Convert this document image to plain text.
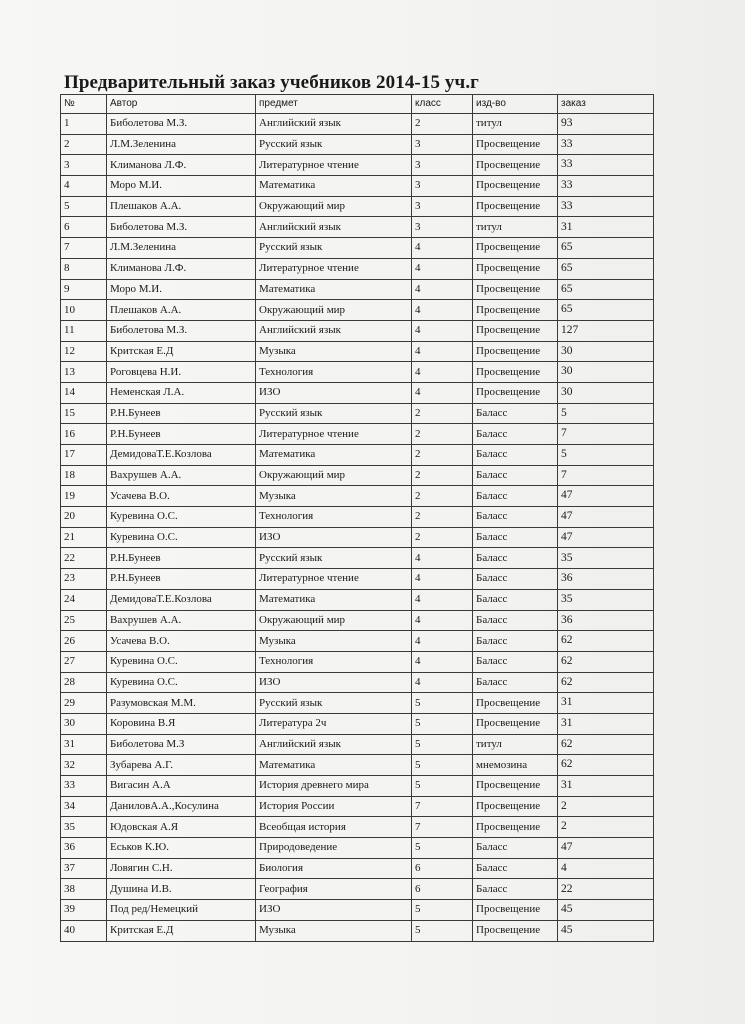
Предварительный заказ учебников 2014-15 уч.г
№	Автор	предмет	класс	изд-во	заказ
1	Биболетова М.З.	Английский язык	2	титул	93
2	Л.М.Зеленина	Русский язык	3	Просвещение	33
3	Климанова Л.Ф.	Литературное чтение	3	Просвещение	33
4	Моро М.И.	Математика	3	Просвещение	33
5	Плешаков А.А.	Окружающий мир	3	Просвещение	33
6	Биболетова М.З.	Английский язык	3	титул	31
7	Л.М.Зеленина	Русский язык	4	Просвещение	65
8	Климанова Л.Ф.	Литературное чтение	4	Просвещение	65
9	Моро М.И.	Математика	4	Просвещение	65
10	Плешаков А.А.	Окружающий мир	4	Просвещение	65
11	Биболетова М.З.	Английский язык	4	Просвещение	127
12	Критская Е.Д	Музыка	4	Просвещение	30
13	Роговцева Н.И.	Технология	4	Просвещение	30
14	Неменская Л.А.	ИЗО	4	Просвещение	30
15	Р.Н.Бунеев	Русский язык	2	Баласс	5
16	Р.Н.Бунеев	Литературное чтение	2	Баласс	7
17	ДемидоваТ.Е.Козлова	Математика	2	Баласс	5
18	Вахрушев А.А.	Окружающий мир	2	Баласс	7
19	Усачева В.О.	Музыка	2	Баласс	47
20	Куревина О.С.	Технология	2	Баласс	47
21	Куревина О.С.	ИЗО	2	Баласс	47
22	Р.Н.Бунеев	Русский язык	4	Баласс	35
23	Р.Н.Бунеев	Литературное чтение	4	Баласс	36
24	ДемидоваТ.Е.Козлова	Математика	4	Баласс	35
25	Вахрушев А.А.	Окружающий мир	4	Баласс	36
26	Усачева В.О.	Музыка	4	Баласс	62
27	Куревина О.С.	Технология	4	Баласс	62
28	Куревина О.С.	ИЗО	4	Баласс	62
29	Разумовская М.М.	Русский язык	5	Просвещение	31
30	Коровина В.Я	Литература 2ч	5	Просвещение	31
31	Биболетова М.З	Английский язык	5	титул	62
32	Зубарева А.Г.	Математика	5	мнемозина	62
33	Вигасин А.А	История древнего мира	5	Просвещение	31
34	ДаниловА.А.,Косулина	История России	7	Просвещение	2
35	Юдовская А.Я	Всеобщая история	7	Просвещение	2
36	Еськов К.Ю.	Природоведение	5	Баласс	47
37	Ловягин С.Н.	Биология	6	Баласс	4
38	Душина И.В.	География	6	Баласс	22
39	Под ред/Немецкий	ИЗО	5	Просвещение	45
40	Критская Е.Д	Музыка	5	Просвещение	45
